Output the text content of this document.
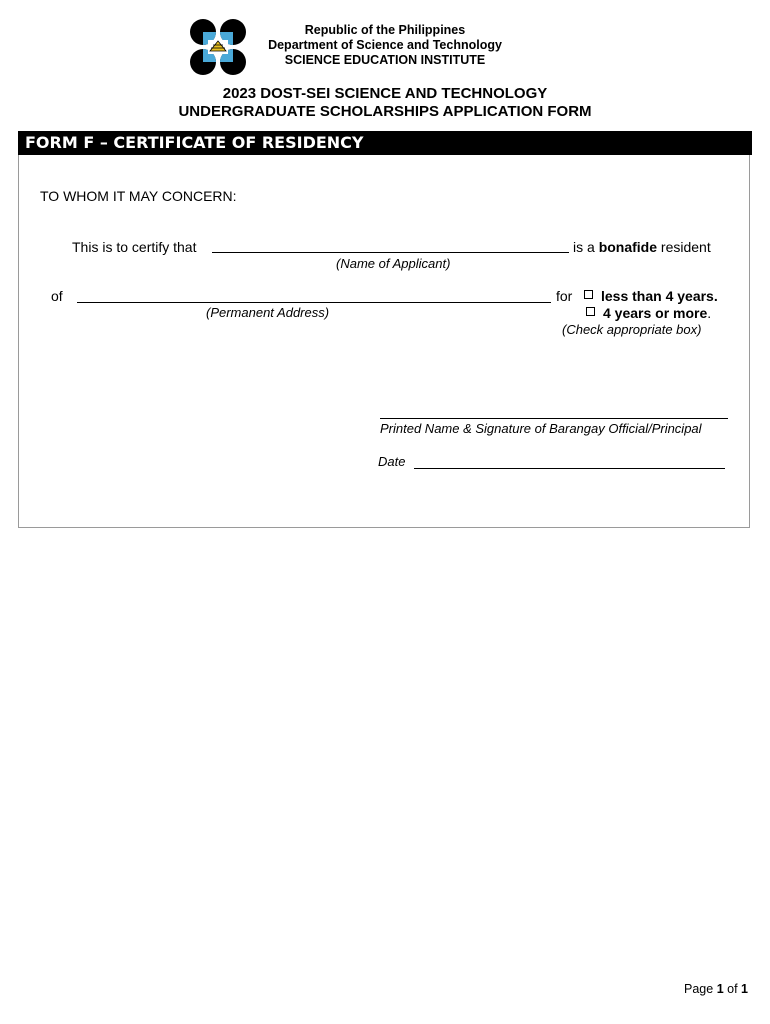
Republic of the Philippines
Department of Science and Technology
SCIENCE EDUCATION INSTITUTE
2023 DOST-SEI SCIENCE AND TECHNOLOGY
UNDERGRADUATE SCHOLARSHIPS APPLICATION FORM
FORM F – CERTIFICATE OF RESIDENCY
TO WHOM IT MAY CONCERN:
This is to certify that	is a bonafide resident
(Name of Applicant)
of	for less than 4 years.
4 years or more.
(Permanent Address)
(Check appropriate box)
Printed Name & Signature of Barangay Official/Principal
Date
Page 1 of 1
